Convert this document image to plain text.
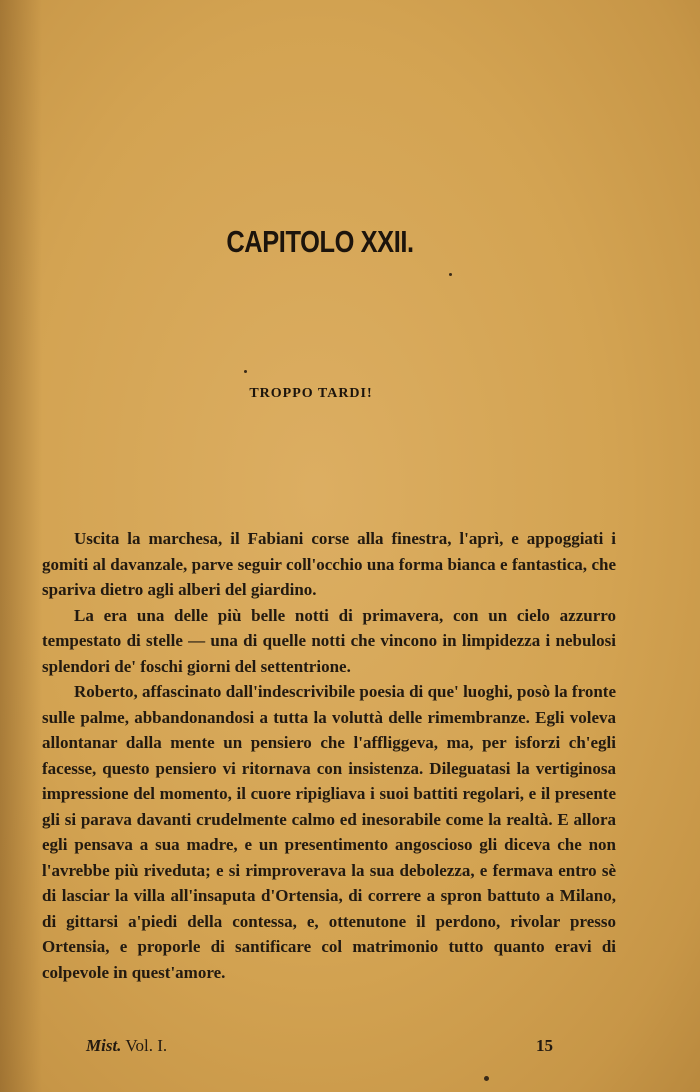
CAPITOLO XXII.
TROPPO TARDI!

Uscita la marchesa, il Fabiani corse alla finestra, l'aprì, e appoggiati i gomiti al davanzale, parve seguir coll'occhio una forma bianca e fantastica, che spariva dietro agli alberi del giardino.

La era una delle più belle notti di primavera, con un cielo azzurro tempestato di stelle — una di quelle notti che vincono in limpidezza i nebulosi splendori de' foschi giorni del settentrione.

Roberto, affascinato dall'indescrivibile poesia di que' luoghi, posò la fronte sulle palme, abbandonandosi a tutta la voluttà delle rimembranze. Egli voleva allontanar dalla mente un pensiero che l'affliggeva, ma, per isforzi ch'egli facesse, questo pensiero vi ritornava con insistenza. Dileguatasi la vertiginosa impressione del momento, il cuore ripigliava i suoi battiti regolari, e il presente gli si parava davanti crudelmente calmo ed inesorabile come la realtà. E allora egli pensava a sua madre, e un presentimento angoscioso gli diceva che non l'avrebbe più riveduta; e si rimproverava la sua debolezza, e fermava entro sè di lasciar la villa all'insaputa d'Ortensia, di correre a spron battuto a Milano, di gittarsi a'piedi della contessa, e, ottenutone il perdono, rivolar presso Ortensia, e proporle di santificare col matrimonio tutto quanto eravi di colpevole in quest'amore.

Mist. Vol. I.	15
